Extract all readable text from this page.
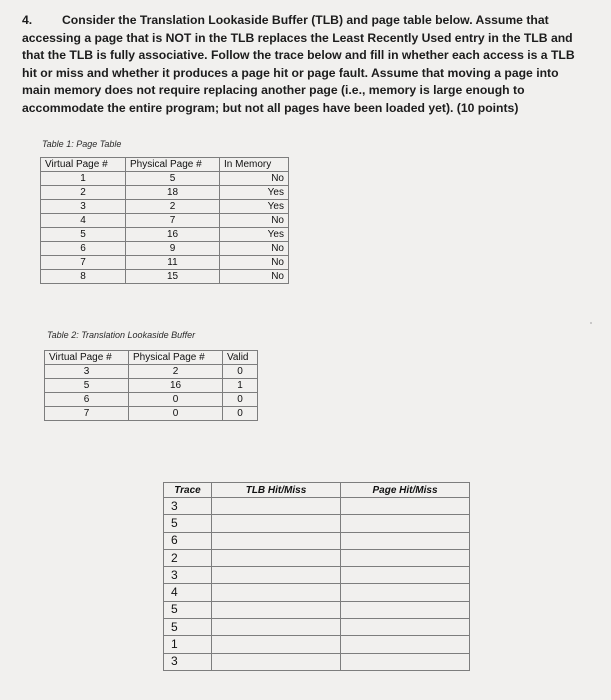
4. Consider the Translation Lookaside Buffer (TLB) and page table below. Assume that accessing a page that is NOT in the TLB replaces the Least Recently Used entry in the TLB and that the TLB is fully associative. Follow the trace below and fill in whether each access is a TLB hit or miss and whether it produces a page hit or page fault. Assume that moving a page into main memory does not require replacing another page (i.e., memory is large enough to accommodate the entire program; but not all pages have been loaded yet). (10 points)
Table 1: Page Table
Virtual Page #	Physical Page #	In Memory
1	5	No
2	18	Yes
3	2	Yes
4	7	No
5	16	Yes
6	9	No
7	11	No
8	15	No
Table 2: Translation Lookaside Buffer
Virtual Page #	Physical Page #	Valid
3	2	0
5	16	1
6	0	0
7	0	0
Trace	TLB Hit/Miss	Page Hit/Miss
3		
5		
6		
2		
3		
4		
5		
5		
1		
3		
